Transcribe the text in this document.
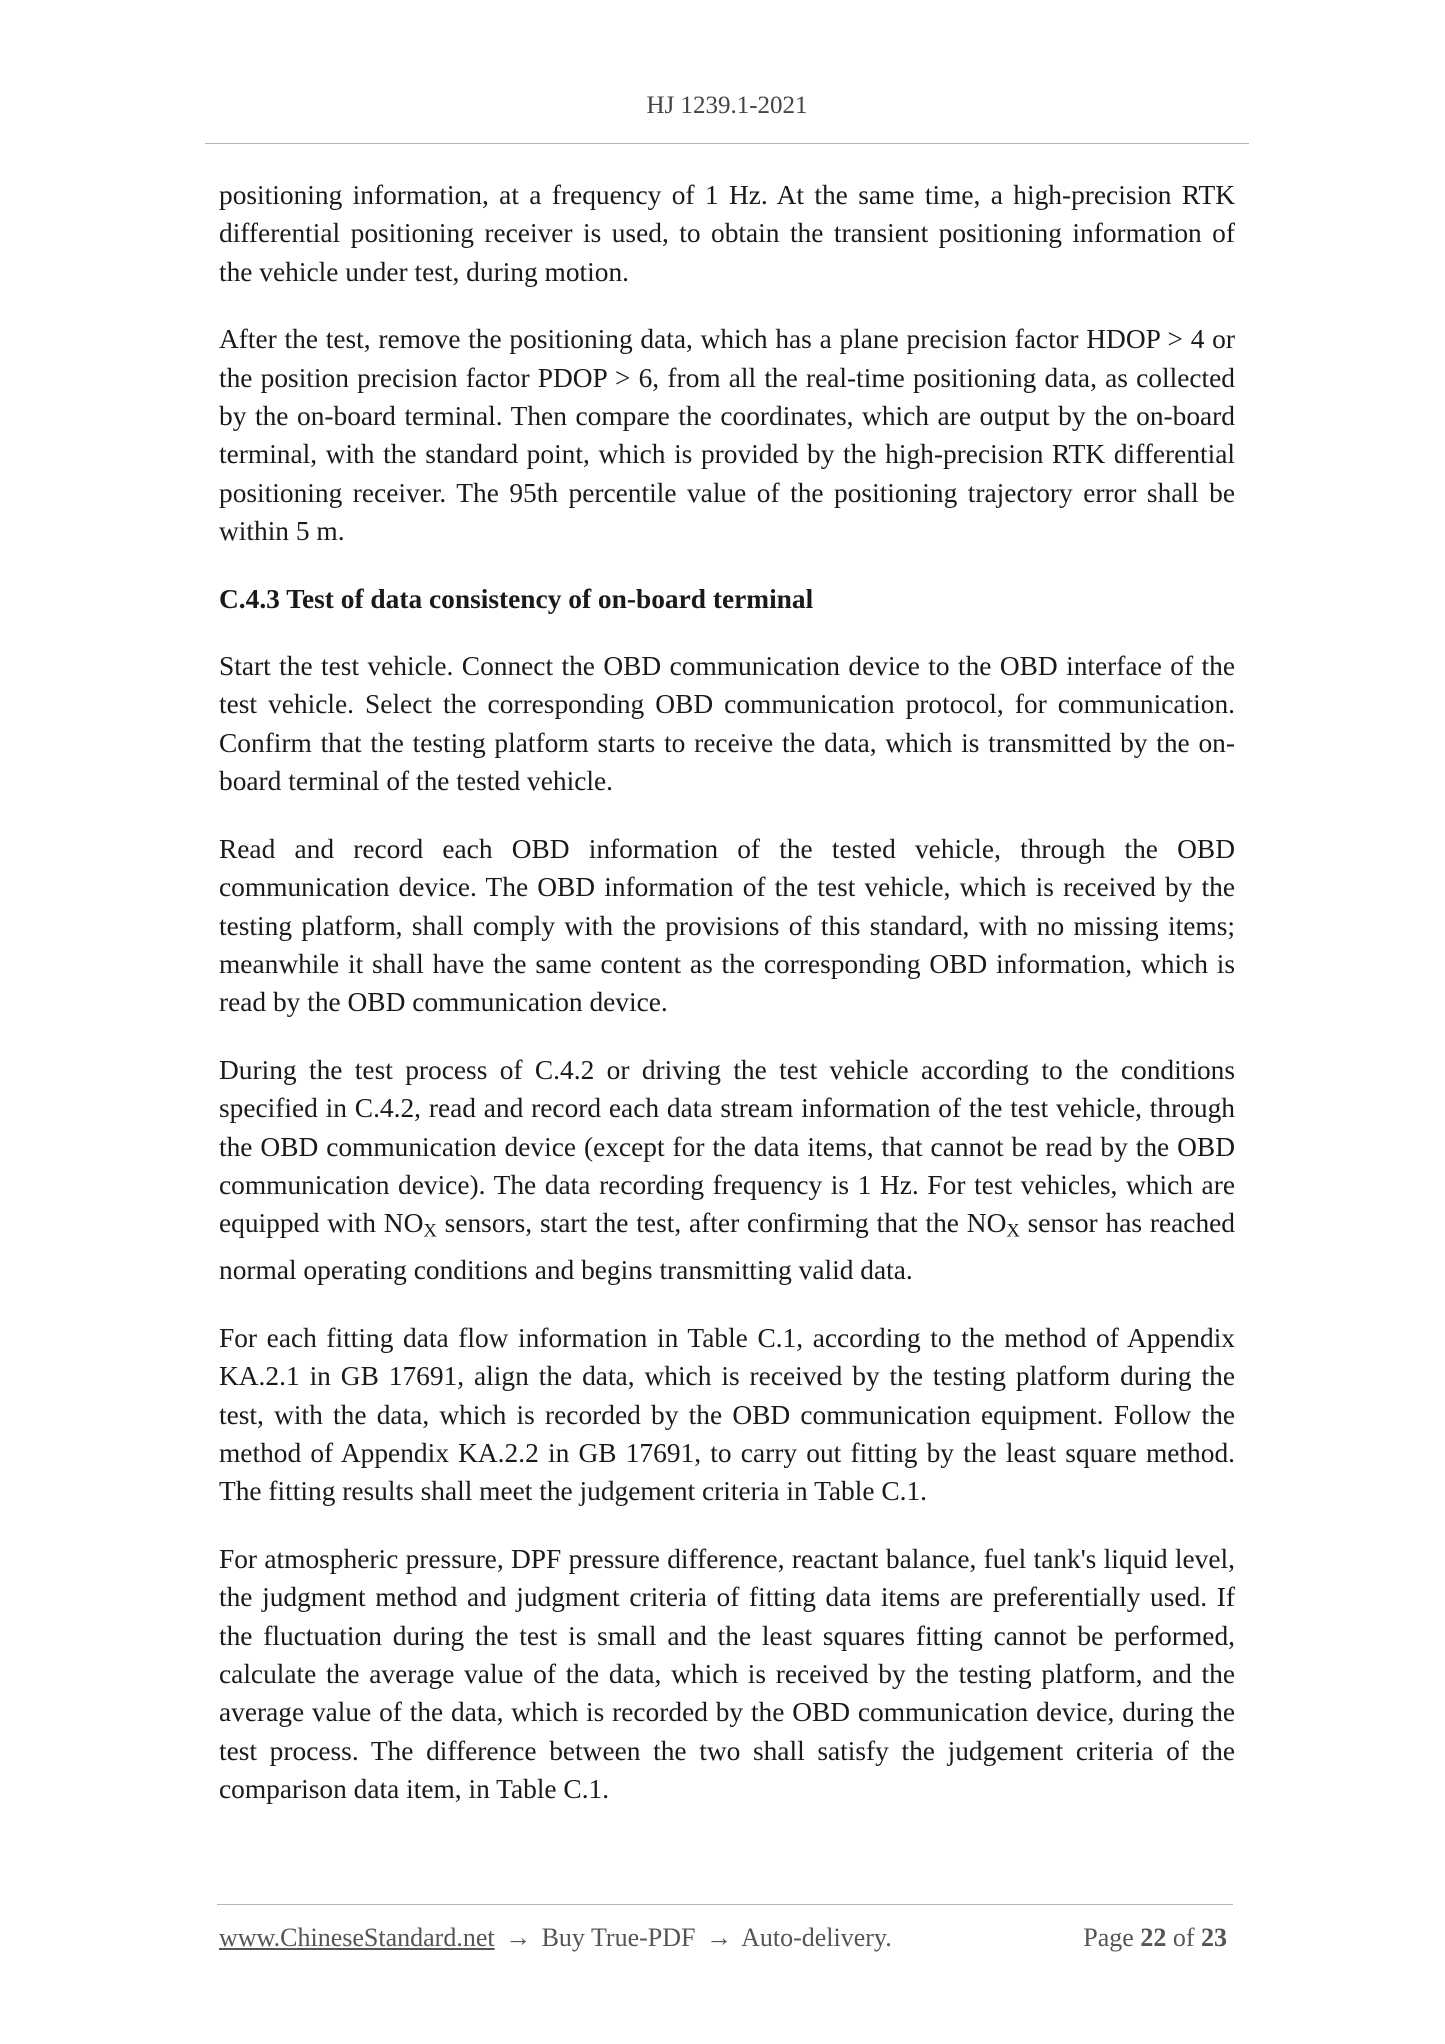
HJ 1239.1-2021

positioning information, at a frequency of 1 Hz. At the same time, a high-precision RTK differential positioning receiver is used, to obtain the transient positioning information of the vehicle under test, during motion.

After the test, remove the positioning data, which has a plane precision factor HDOP > 4 or the position precision factor PDOP > 6, from all the real-time positioning data, as collected by the on-board terminal. Then compare the coordinates, which are output by the on-board terminal, with the standard point, which is provided by the high-precision RTK differential positioning receiver. The 95th percentile value of the positioning trajectory error shall be within 5 m.

C.4.3 Test of data consistency of on-board terminal

Start the test vehicle. Connect the OBD communication device to the OBD interface of the test vehicle. Select the corresponding OBD communication protocol, for communication. Confirm that the testing platform starts to receive the data, which is transmitted by the on-board terminal of the tested vehicle.

Read and record each OBD information of the tested vehicle, through the OBD communication device. The OBD information of the test vehicle, which is received by the testing platform, shall comply with the provisions of this standard, with no missing items; meanwhile it shall have the same content as the corresponding OBD information, which is read by the OBD communication device.

During the test process of C.4.2 or driving the test vehicle according to the conditions specified in C.4.2, read and record each data stream information of the test vehicle, through the OBD communication device (except for the data items, that cannot be read by the OBD communication device). The data recording frequency is 1 Hz. For test vehicles, which are equipped with $NO_X$ sensors, start the test, after confirming that the $NO_X$ sensor has reached normal operating conditions and begins transmitting valid data.

For each fitting data flow information in Table C.1, according to the method of Appendix KA.2.1 in GB 17691, align the data, which is received by the testing platform during the test, with the data, which is recorded by the OBD communication equipment. Follow the method of Appendix KA.2.2 in GB 17691, to carry out fitting by the least square method. The fitting results shall meet the judgement criteria in Table C.1.

For atmospheric pressure, DPF pressure difference, reactant balance, fuel tank's liquid level, the judgment method and judgment criteria of fitting data items are preferentially used. If the fluctuation during the test is small and the least squares fitting cannot be performed, calculate the average value of the data, which is received by the testing platform, and the average value of the data, which is recorded by the OBD communication device, during the test process. The difference between the two shall satisfy the judgement criteria of the comparison data item, in Table C.1.

www.ChineseStandard.net → Buy True-PDF → Auto-delivery.	Page 22 of 23
